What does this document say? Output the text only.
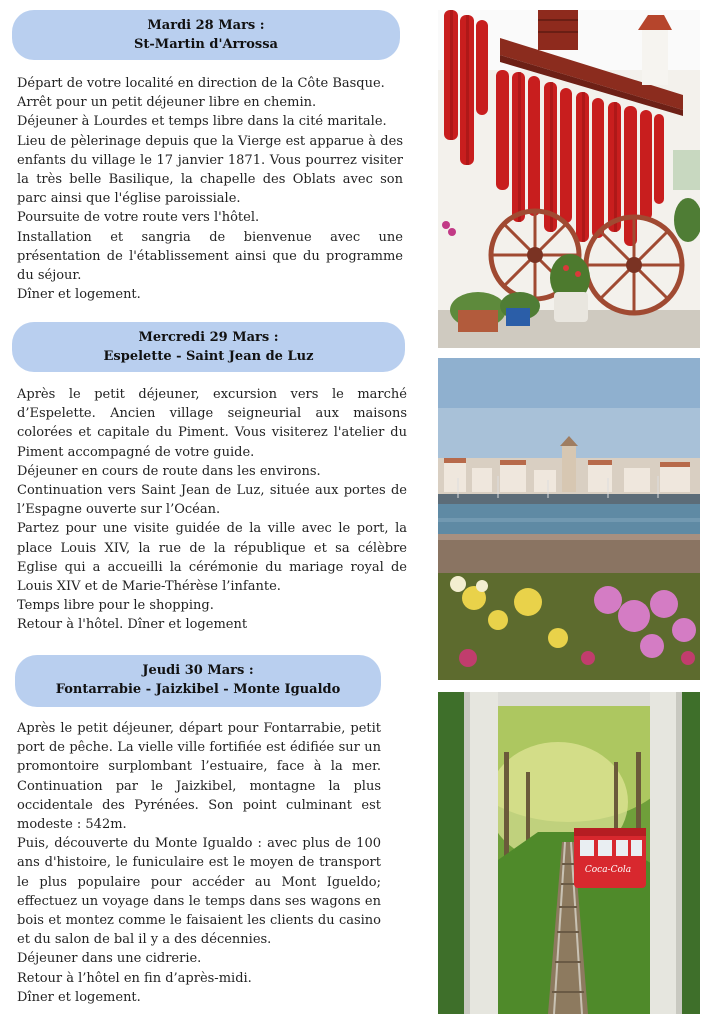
Mardi 28 Mars :
St-Martin d'Arrossa

Départ de votre localité en direction de la Côte Basque.

Arrêt pour un petit déjeuner libre en chemin.

Déjeuner à Lourdes et temps libre dans la cité maritale.

Lieu de pèlerinage depuis que la Vierge est apparue à des enfants du village le 17 janvier 1871. Vous pourrez visiter la très belle Basilique, la chapelle des Oblats avec son parc ainsi que l'église paroissiale.

Poursuite de votre route vers l'hôtel.

Installation et sangria de bienvenue avec une présentation de l'établissement ainsi que du programme du séjour.

Dîner et logement.

Mercredi 29 Mars :
Espelette - Saint Jean de Luz

Après le petit déjeuner, excursion vers le marché d’Espelette. Ancien village seigneurial aux maisons colorées et capitale du Piment. Vous visiterez l'atelier du Piment accompagné de votre guide.

Déjeuner en cours de route dans les environs.

Continuation vers Saint Jean de Luz, située aux portes de l’Espagne ouverte sur l’Océan.

Partez pour une visite guidée de la ville avec le port, la place Louis XIV, la rue de la république et sa célèbre Eglise qui a accueilli la cérémonie du mariage royal de Louis XIV et de Marie-Thérèse l’infante.

Temps libre pour le shopping.

Retour à l'hôtel. Dîner et logement

Jeudi 30 Mars :
Fontarrabie - Jaizkibel - Monte Igualdo

Après le petit déjeuner, départ pour Fontarrabie, petit port de pêche. La vielle ville fortifiée est édifiée sur un promontoire surplombant l’estuaire, face à la mer. Continuation par le Jaizkibel, montagne la plus occidentale des Pyrénées. Son point culminant est modeste : 542m.

Puis, découverte du Monte Igualdo : avec plus de 100 ans d'histoire, le funiculaire est le moyen de transport le plus populaire pour accéder au Mont Igueldo; effectuez un voyage dans le temps dans ses wagons en bois et montez comme le faisaient les clients du casino et du salon de bal il y a des décennies.

Déjeuner dans une cidrerie.

Retour à l’hôtel en fin d’après-midi.

Dîner et logement.

Coca-Cola
